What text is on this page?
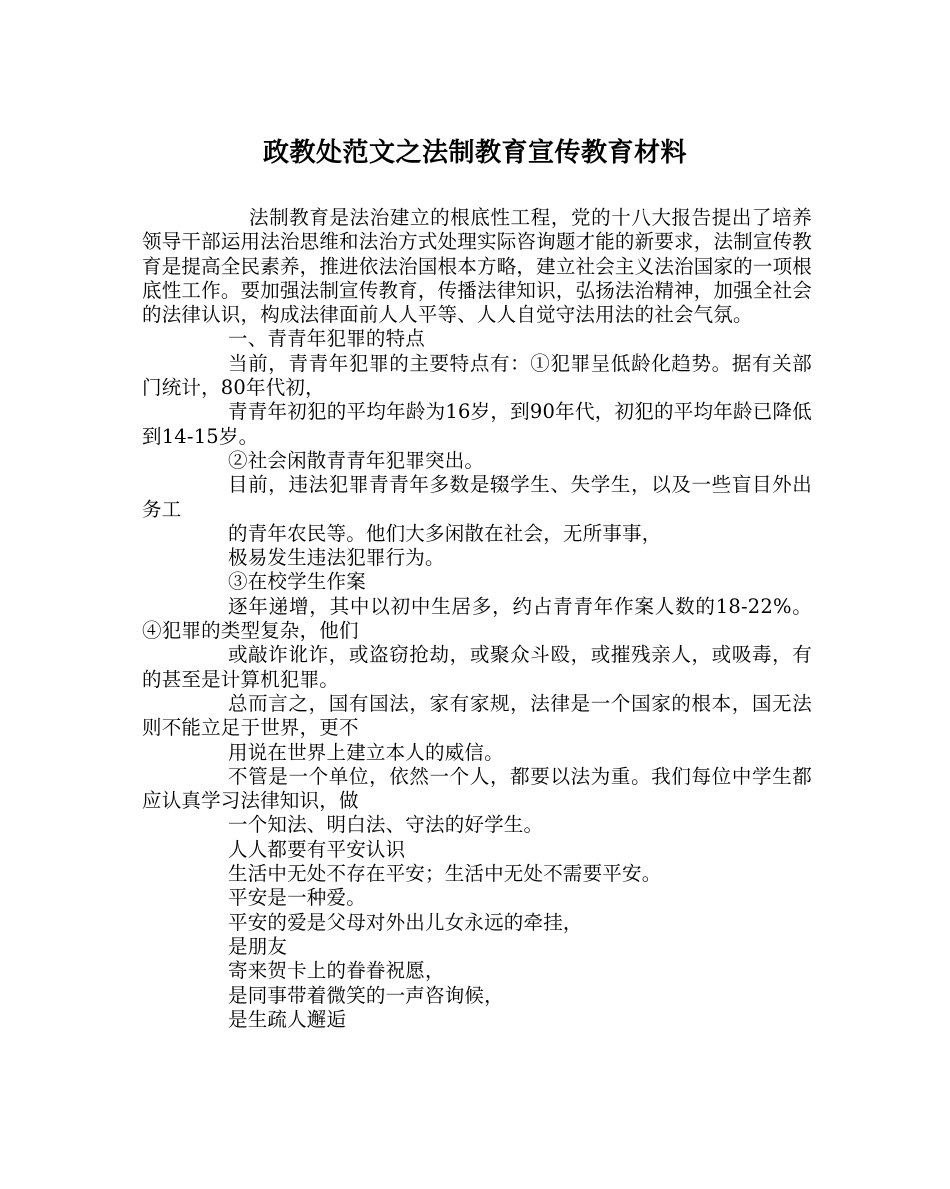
政教处范文之法制教育宣传教育材料

法制教育是法治建立的根底性工程，党的十八大报告提出了培养领导干部运用法治思维和法治方式处理实际咨询题才能的新要求，法制宣传教育是提高全民素养，推进依法治国根本方略，建立社会主义法治国家的一项根底性工作。要加强法制宣传教育，传播法律知识，弘扬法治精神，加强全社会的法律认识，构成法律面前人人平等、人人自觉守法用法的社会气氛。

一、青青年犯罪的特点

当前，青青年犯罪的主要特点有：①犯罪呈低龄化趋势。据有关部门统计，80年代初，

青青年初犯的平均年龄为16岁，到90年代，初犯的平均年龄已降低到14-15岁。

②社会闲散青青年犯罪突出。

目前，违法犯罪青青年多数是辍学生、失学生，以及一些盲目外出务工

的青年农民等。他们大多闲散在社会，无所事事，

极易发生违法犯罪行为。

③在校学生作案

逐年递增，其中以初中生居多，约占青青年作案人数的18-22%。④犯罪的类型复杂，他们

或敲诈讹诈，或盗窃抢劫，或聚众斗殴，或摧残亲人，或吸毒，有的甚至是计算机犯罪。

总而言之，国有国法，家有家规，法律是一个国家的根本，国无法则不能立足于世界，更不

用说在世界上建立本人的威信。

不管是一个单位，依然一个人，都要以法为重。我们每位中学生都应认真学习法律知识，做

一个知法、明白法、守法的好学生。

人人都要有平安认识

生活中无处不存在平安；生活中无处不需要平安。

平安是一种爱。

平安的爱是父母对外出儿女永远的牵挂，

是朋友

寄来贺卡上的眷眷祝愿，

是同事带着微笑的一声咨询候，

是生疏人邂逅
